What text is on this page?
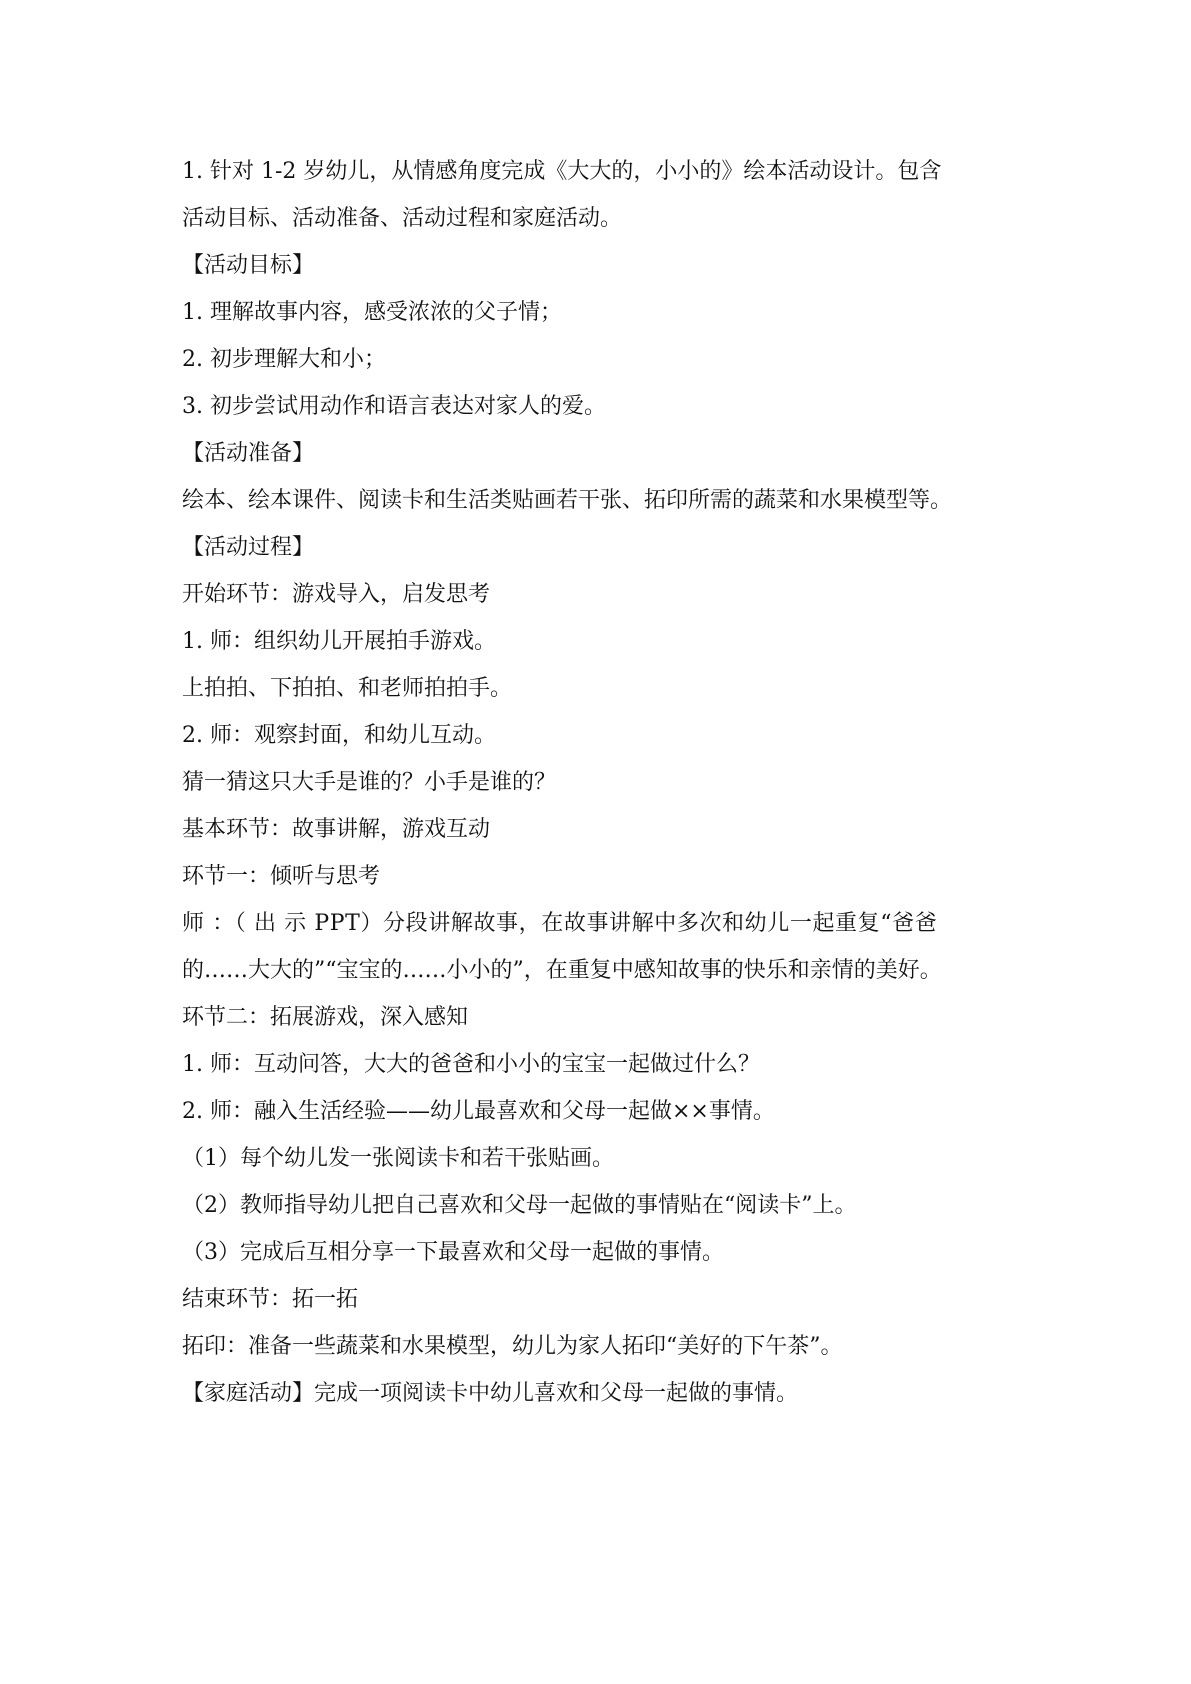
1. 针对 1-2 岁幼儿，从情感角度完成《大大的，小小的》绘本活动设计。包含

活动目标、活动准备、活动过程和家庭活动。

【活动目标】

1. 理解故事内容，感受浓浓的父子情；

2. 初步理解大和小；

3. 初步尝试用动作和语言表达对家人的爱。

【活动准备】

绘本、绘本课件、阅读卡和生活类贴画若干张、拓印所需的蔬菜和水果模型等。

【活动过程】

开始环节：游戏导入，启发思考

1. 师：组织幼儿开展拍手游戏。

上拍拍、下拍拍、和老师拍拍手。

2. 师：观察封面，和幼儿互动。

猜一猜这只大手是谁的？小手是谁的？

基本环节：故事讲解，游戏互动

环节一：倾听与思考

师 ：（ 出 示 PPT）分段讲解故事，在故事讲解中多次和幼儿一起重复“爸爸

的……大大的”“宝宝的……小小的”，在重复中感知故事的快乐和亲情的美好。

环节二：拓展游戏，深入感知

1. 师：互动问答，大大的爸爸和小小的宝宝一起做过什么？

2. 师：融入生活经验——幼儿最喜欢和父母一起做××事情。

（1）每个幼儿发一张阅读卡和若干张贴画。

（2）教师指导幼儿把自己喜欢和父母一起做的事情贴在“阅读卡”上。

（3）完成后互相分享一下最喜欢和父母一起做的事情。

结束环节：拓一拓

拓印：准备一些蔬菜和水果模型，幼儿为家人拓印“美好的下午茶”。

【家庭活动】完成一项阅读卡中幼儿喜欢和父母一起做的事情。
